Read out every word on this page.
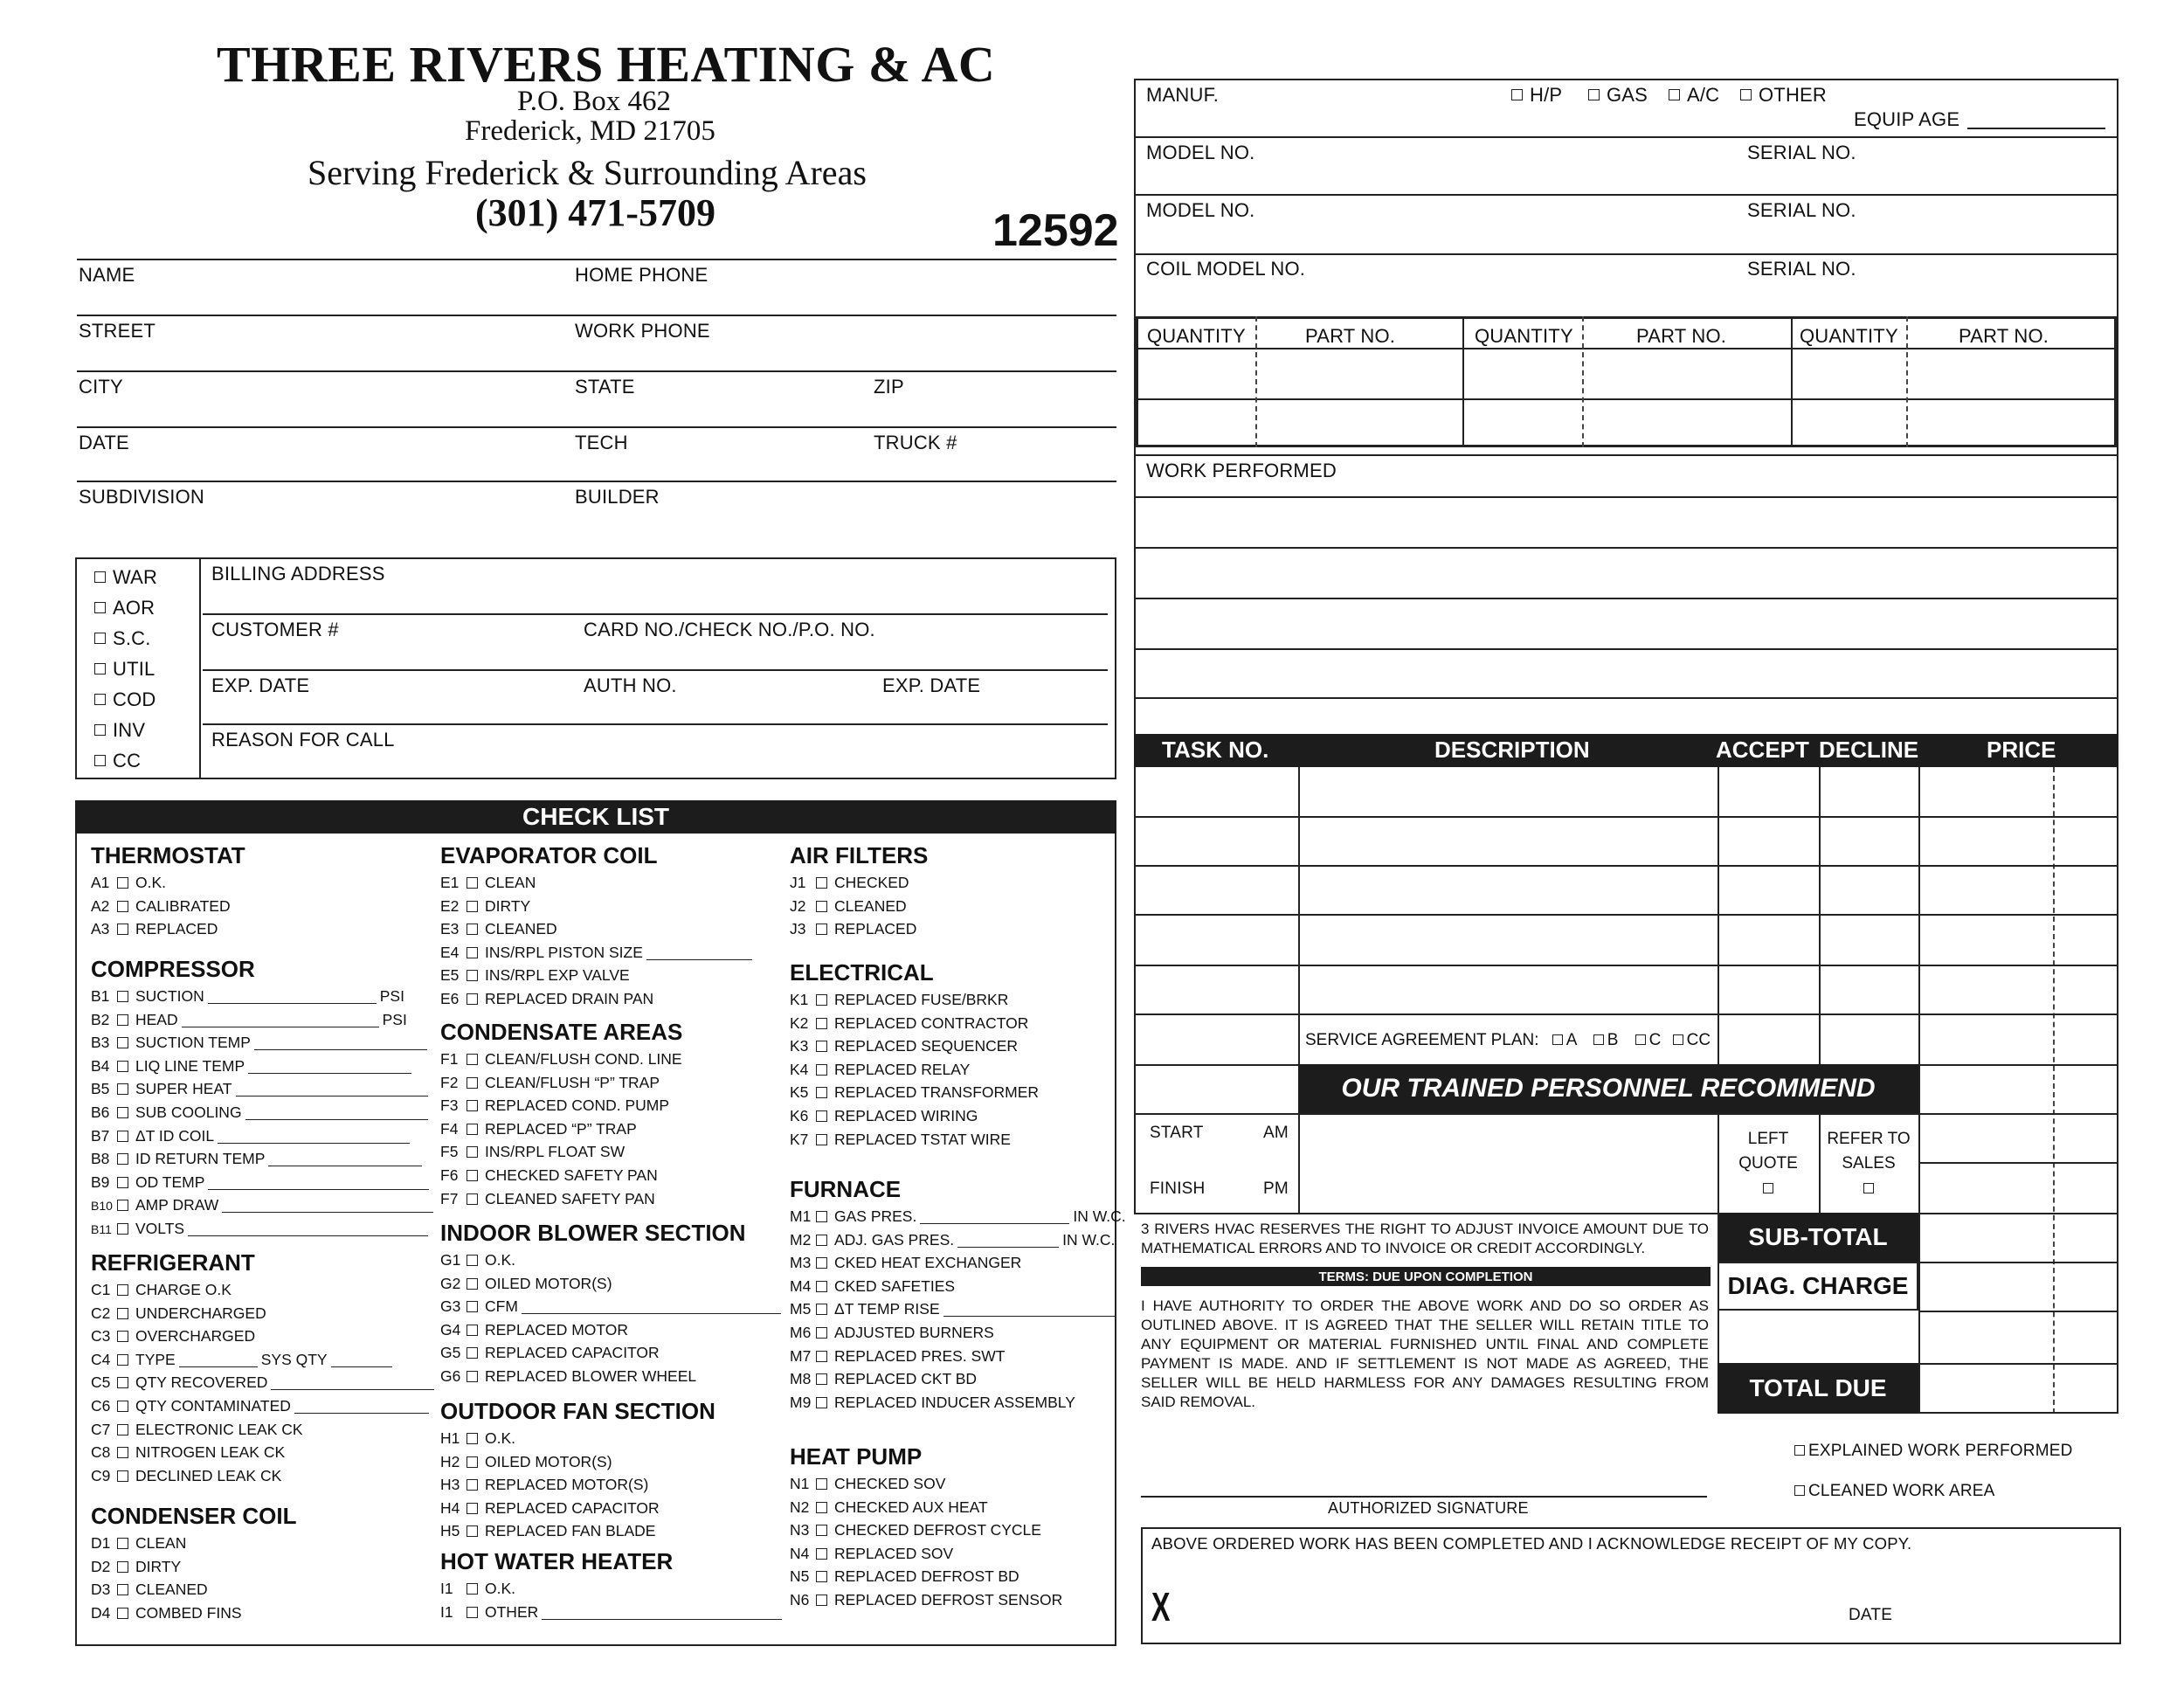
THREE RIVERS HEATING & AC
P.O. Box 462
Frederick, MD 21705
Serving Frederick & Surrounding Areas
(301) 471-5709	12592
NAME	HOME PHONE
STREET	WORK PHONE
CITY	STATE	ZIP
DATE	TECH	TRUCK #
SUBDIVISION	BUILDER
WAR
AOR
S.C.
UTIL
COD
INV
CC
BILLING ADDRESS
CUSTOMER #	CARD NO./CHECK NO./P.O. NO.
EXP. DATE	AUTH NO.	EXP. DATE
REASON FOR CALL
CHECK LIST
THERMOSTAT
A1	O.K.
A2	CALIBRATED
A3	REPLACED
COMPRESSOR
B1	SUCTION	PSI
B2	HEAD	PSI
B3	SUCTION TEMP
B4	LIQ LINE TEMP
B5	SUPER HEAT
B6	SUB COOLING
B7	ΔT ID COIL
B8	ID RETURN TEMP
B9	OD TEMP
B10 AMP DRAW
B11	VOLTS
REFRIGERANT
C1	CHARGE O.K
C2	UNDERCHARGED
C3	OVERCHARGED
C4	TYPE	SYS QTY
C5	QTY RECOVERED
C6	QTY CONTAMINATED
C7	ELECTRONIC LEAK CK
C8	NITROGEN LEAK CK
C9	DECLINED LEAK CK
CONDENSER COIL
D1	CLEAN
D2	DIRTY
D3	CLEANED
D4	COMBED FINS
EVAPORATOR COIL
E1	CLEAN
E2	DIRTY
E3	CLEANED
E4	INS/RPL PISTON SIZE
E5	INS/RPL EXP VALVE
E6	REPLACED DRAIN PAN
CONDENSATE AREAS
F1	CLEAN/FLUSH COND. LINE
F2	CLEAN/FLUSH “P” TRAP
F3	REPLACED COND. PUMP
F4	REPLACED “P” TRAP
F5	INS/RPL FLOAT SW
F6	CHECKED SAFETY PAN
F7	CLEANED SAFETY PAN
INDOOR BLOWER SECTION
G1	O.K.
G2	OILED MOTOR(S)
G3	CFM
G4	REPLACED MOTOR
G5	REPLACED CAPACITOR
G6	REPLACED BLOWER WHEEL
OUTDOOR FAN SECTION
H1	O.K.
H2	OILED MOTOR(S)
H3	REPLACED MOTOR(S)
H4	REPLACED CAPACITOR
H5	REPLACED FAN BLADE
HOT WATER HEATER
I1	O.K.
I1	OTHER
AIR FILTERS
J1	CHECKED
J2	CLEANED
J3	REPLACED
ELECTRICAL
K1	REPLACED FUSE/BRKR
K2	REPLACED CONTRACTOR
K3	REPLACED SEQUENCER
K4	REPLACED RELAY
K5	REPLACED TRANSFORMER
K6	REPLACED WIRING
K7	REPLACED TSTAT WIRE
FURNACE
M1	GAS PRES.	IN W.C.
M2	ADJ. GAS PRES.	IN W.C.
M3	CKED HEAT EXCHANGER
M4	CKED SAFETIES
M5	ΔT TEMP RISE
M6	ADJUSTED BURNERS
M7	REPLACED PRES. SWT
M8	REPLACED CKT BD
M9	REPLACED INDUCER ASSEMBLY
HEAT PUMP
N1	CHECKED SOV
N2	CHECKED AUX HEAT
N3	CHECKED DEFROST CYCLE
N4	REPLACED SOV
N5	REPLACED DEFROST BD
N6	REPLACED DEFROST SENSOR
MANUF.	H/P	GAS	A/C	OTHER
EQUIP AGE
MODEL NO.	SERIAL NO.
MODEL NO.	SERIAL NO.
COIL MODEL NO.	SERIAL NO.
QUANTITY	PART NO.	QUANTITY	PART NO.	QUANTITY	PART NO.
WORK PERFORMED
TASK NO.	DESCRIPTION	ACCEPT DECLINE	PRICE
SERVICE AGREEMENT PLAN: A B C CC
OUR TRAINED PERSONNEL RECOMMEND
START	AM
FINISH	PM
LEFT
QUOTE
REFER TO
SALES
SUB-TOTAL
DIAG. CHARGE
TOTAL DUE
3 RIVERS HVAC RESERVES THE RIGHT TO ADJUST INVOICE AMOUNT DUE TO MATHEMATICAL ERRORS AND TO INVOICE OR CREDIT ACCORDINGLY.
TERMS: DUE UPON COMPLETION
I HAVE AUTHORITY TO ORDER THE ABOVE WORK AND DO SO ORDER AS OUTLINED ABOVE. IT IS AGREED THAT THE SELLER WILL RETAIN TITLE TO ANY EQUIPMENT OR MATERIAL FURNISHED UNTIL FINAL AND COMPLETE PAYMENT IS MADE. AND IF SETTLEMENT IS NOT MADE AS AGREED, THE SELLER WILL BE HELD HARMLESS FOR ANY DAMAGES RESULTING FROM SAID REMOVAL.
AUTHORIZED SIGNATURE
EXPLAINED WORK PERFORMED
CLEANED WORK AREA
ABOVE ORDERED WORK HAS BEEN COMPLETED AND I ACKNOWLEDGE RECEIPT OF MY COPY.
X	DATE
